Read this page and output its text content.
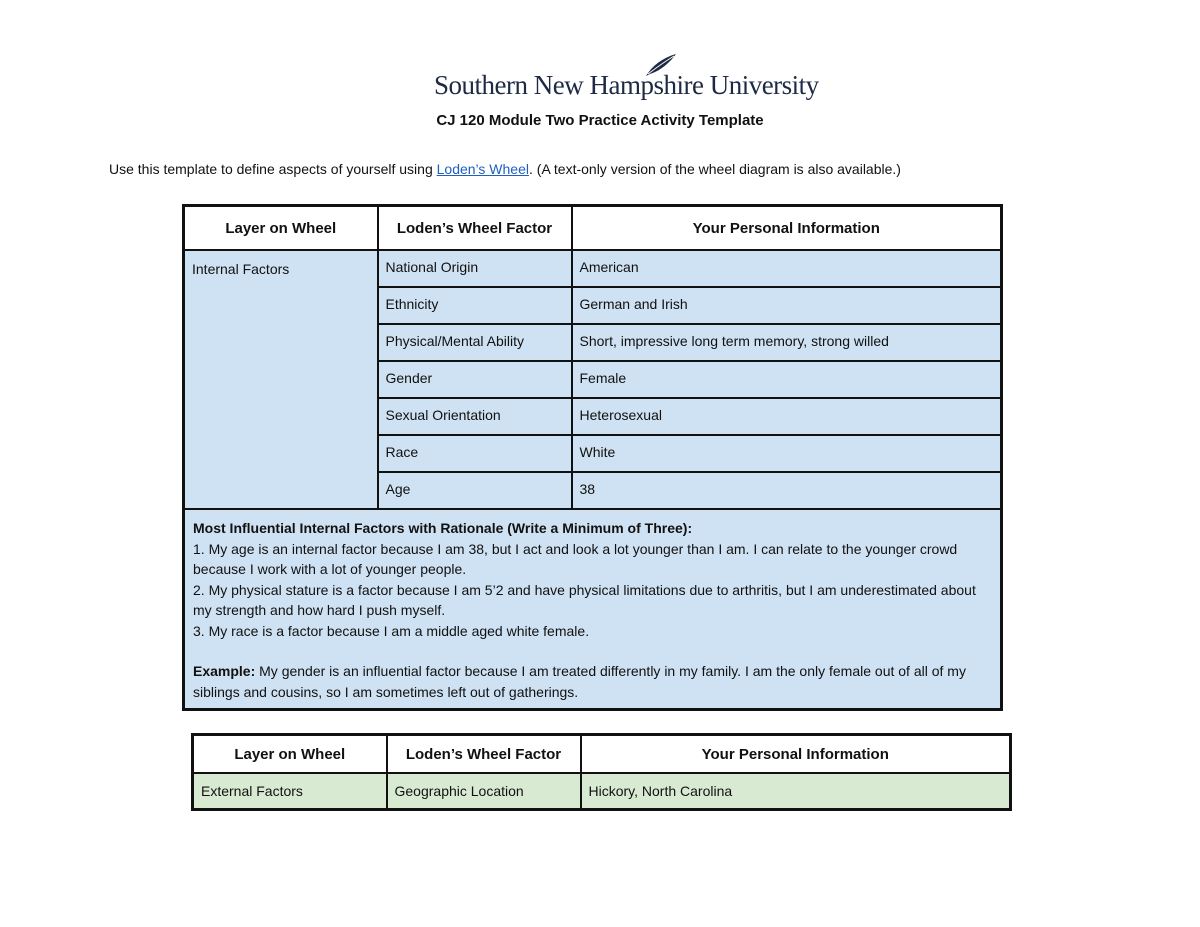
Southern New Hampshire University
CJ 120 Module Two Practice Activity Template
Use this template to define aspects of yourself using Loden’s Wheel. (A text-only version of the wheel diagram is also available.)
Layer on Wheel	Loden’s Wheel Factor	Your Personal Information
Internal Factors	National Origin	American
	Ethnicity	German and Irish
	Physical/Mental Ability	Short, impressive long term memory, strong willed
	Gender	Female
	Sexual Orientation	Heterosexual
	Race	White
	Age	38

Most Influential Internal Factors with Rationale (Write a Minimum of Three):
1. My age is an internal factor because I am 38, but I act and look a lot younger than I am. I can relate to the younger crowd because I work with a lot of younger people.
2. My physical stature is a factor because I am 5’2 and have physical limitations due to arthritis, but I am underestimated about my strength and how hard I push myself.
3. My race is a factor because I am a middle aged white female.
Example: My gender is an influential factor because I am treated differently in my family. I am the only female out of all of my siblings and cousins, so I am sometimes left out of gatherings.		
Layer on Wheel	Loden’s Wheel Factor	Your Personal Information
External Factors	Geographic Location	Hickory, North Carolina
